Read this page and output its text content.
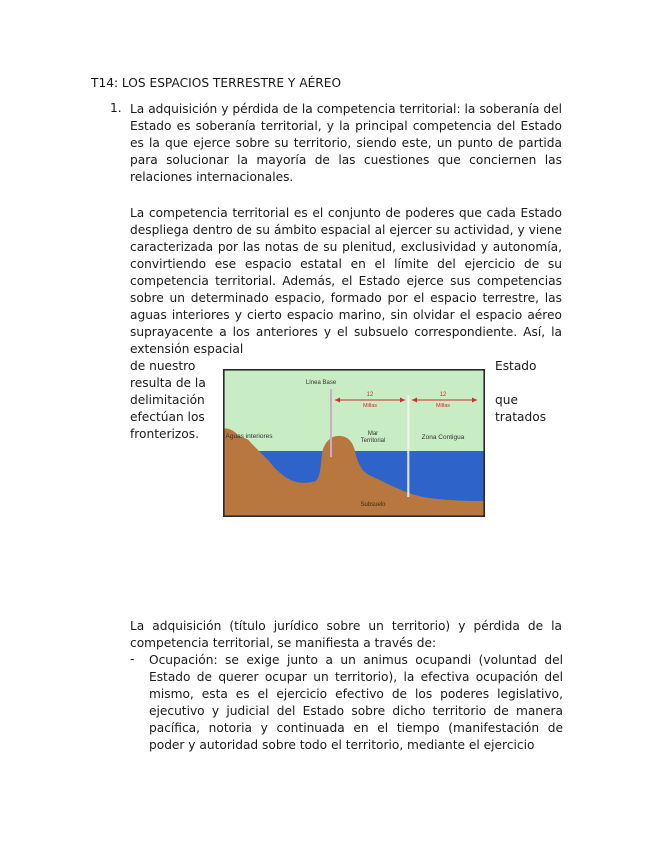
T14: LOS ESPACIOS TERRESTRE Y AÉREO
1. La adquisición y pérdida de la competencia territorial: la soberanía del Estado es soberanía territorial, y la principal competencia del Estado es la que ejerce sobre su territorio, siendo este, un punto de partida para solucionar la mayoría de las cuestiones que conciernen las relaciones internacionales.

La competencia territorial es el conjunto de poderes que cada Estado despliega dentro de su ámbito espacial al ejercer su actividad, y viene caracterizada por las notas de su plenitud, exclusividad y autonomía, convirtiendo ese espacio estatal en el límite del ejercicio de su competencia territorial. Además, el Estado ejerce sus competencias sobre un determinado espacio, formado por el espacio terrestre, las aguas interiores y cierto espacio marino, sin olvidar el espacio aéreo suprayacente a los anteriores y el subsuelo correspondiente. Así, la extensión espacial

de nuestro
resulta de la
delimitación
efectúan los
fronterizos.
Estado

que
tratados
Línea Base
12
Millas
12
Millas
Aguas interiores	Mar
Territorial	Zona Contigua
Subsuelo

La adquisición (título jurídico sobre un territorio) y pérdida de la competencia territorial, se manifiesta a través de:

- Ocupación: se exige junto a un animus ocupandi (voluntad del Estado de querer ocupar un territorio), la efectiva ocupación del mismo, esta es el ejercicio efectivo de los poderes legislativo, ejecutivo y judicial del Estado sobre dicho territorio de manera pacífica, notoria y continuada en el tiempo (manifestación de poder y autoridad sobre todo el territorio, mediante el ejercicio
